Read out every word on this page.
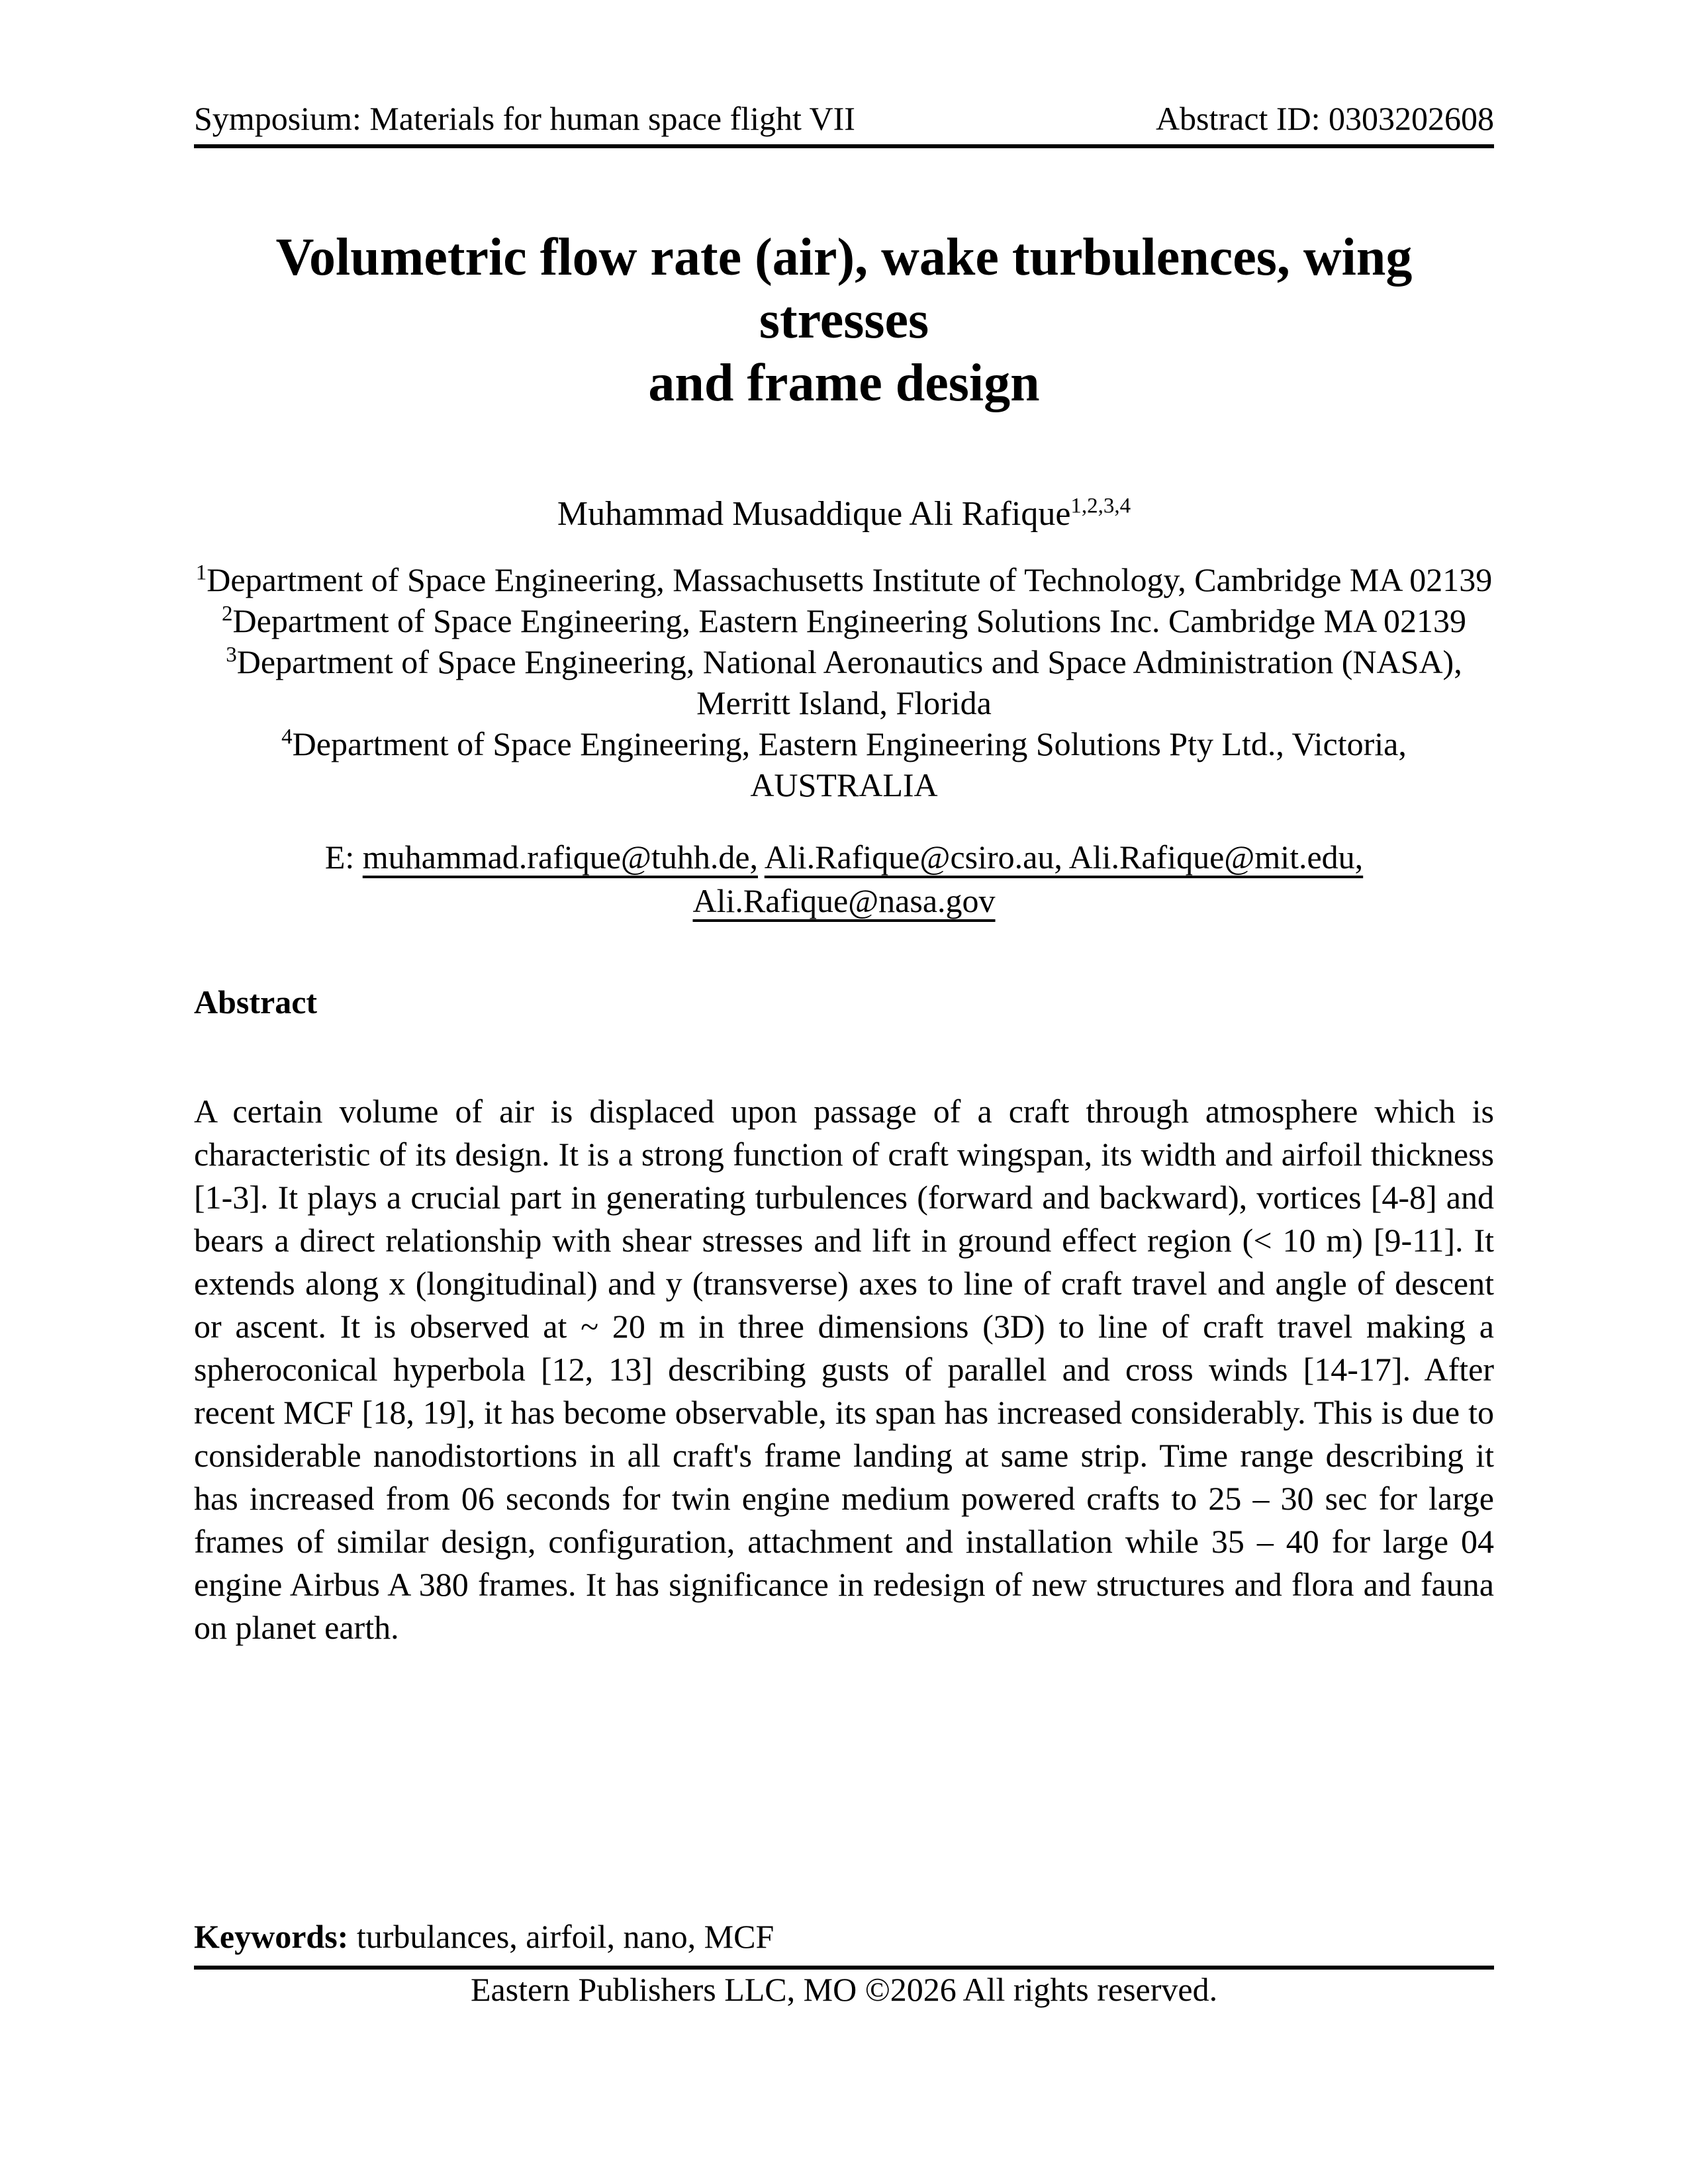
Symposium: Materials for human space flight VII	Abstract ID: 0303202608
Volumetric flow rate (air), wake turbulences, wing stresses
and frame design
Muhammad Musaddique Ali Rafique$^{1,2,3,4}$
$^1$Department of Space Engineering, Massachusetts Institute of Technology, Cambridge MA 02139
$^2$Department of Space Engineering, Eastern Engineering Solutions Inc. Cambridge MA 02139
$^3$Department of Space Engineering, National Aeronautics and Space Administration (NASA),
Merritt Island, Florida
$^4$Department of Space Engineering, Eastern Engineering Solutions Pty Ltd., Victoria,
AUSTRALIA
E: muhammad.rafique@tuhh.de, Ali.Rafique@csiro.au, Ali.Rafique@mit.edu,
Ali.Rafique@nasa.gov
Abstract

A certain volume of air is displaced upon passage of a craft through atmosphere which is characteristic of its design. It is a strong function of craft wingspan, its width and airfoil thickness [1-3]. It plays a crucial part in generating turbulences (forward and backward), vortices [4-8] and bears a direct relationship with shear stresses and lift in ground effect region (< 10 m) [9-11]. It extends along x (longitudinal) and y (transverse) axes to line of craft travel and angle of descent or ascent. It is observed at ~ 20 m in three dimensions (3D) to line of craft travel making a spheroconical hyperbola [12, 13] describing gusts of parallel and cross winds [14-17]. After recent MCF [18, 19], it has become observable, its span has increased considerably. This is due to considerable nanodistortions in all craft's frame landing at same strip. Time range describing it has increased from 06 seconds for twin engine medium powered crafts to 25 – 30 sec for large frames of similar design, configuration, attachment and installation while 35 – 40 for large 04 engine Airbus A 380 frames. It has significance in redesign of new structures and flora and fauna on planet earth.

Keywords: turbulances, airfoil, nano, MCF
Eastern Publishers LLC, MO ©2026 All rights reserved.
